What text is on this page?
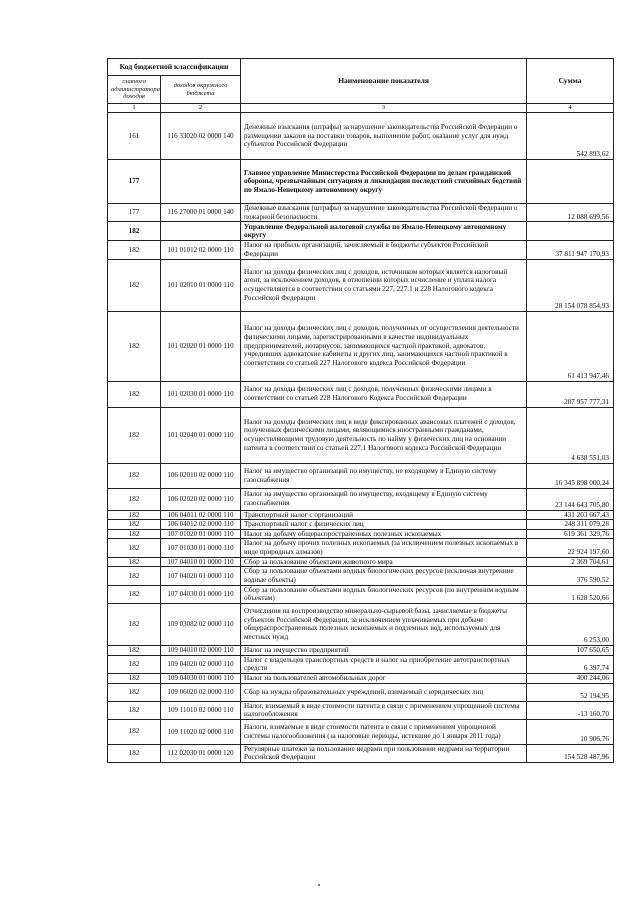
Код бюджетной классификации		Наименование показателя	Сумма
главного администратора доходов	доходов окружного бюджета		
1	2	3	4
161	116 33020 02 0000 140	Денежные взыскания (штрафы) за нарушение законодательства Российской Федерации о размещении заказов на поставки товаров, выполнение работ, оказание услуг для нужд субъектов Российской Федерации	542 893,62
177		Главное управление Министерства Российской Федерации по делам гражданской обороны, чрезвычайным ситуациям и ликвидации последствий стихийных бедствий по Ямало-Ненецкому автономному округу	
177	116 27000 01 0000 140	Денежные взыскания (штрафы) за нарушение законодательства Российской Федерации о пожарной безопасности	12 088 699,56
182		Управление Федеральной налоговой службы по Ямало-Ненецкому автономному округу	
182	101 01012 02 0000 110	Налог на прибыль организаций, зачисляемый в бюджеты субъектов Российской Федерации	37 811 947 170,93
182	101 02010 01 0000 110	Налог на доходы физических лиц с доходов, источником которых является налоговый агент, за исключением доходов, в отношении которых исчисление и уплата налога осуществляются в соответствии со статьями 227, 227.1 и 228 Налогового кодекса Российской Федерации	28 154 078 854,93
182	101 02020 01 0000 110	Налог на доходы физических лиц с доходов, полученных от осуществления деятельности физическими лицами, зарегистрированными в качестве индивидуальных предпринимателей, нотариусов, занимающихся частной практикой, адвокатов, учредивших адвокатские кабинеты и других лиц, занимающихся частной практикой в соответствии со статьей 227 Налогового кодекса Российской Федерации	61 413 947,46
182	101 02030 01 0000 110	Налог на доходы физических лиц с доходов, полученных физическими лицами в соответствии со статьей 228 Налогового Кодекса Российской Федерации	287 957 777,31
182	101 02040 01 0000 110	Налог на доходы физических лиц в виде фиксированных авансовых платежей с доходов, полученных физическими лицами, являющимися иностранными гражданами, осуществляющими трудовую деятельность по найму у физических лиц на основании патента в соответствии со статьей 227.1 Налогового кодекса Российской Федерации	4 638 551,03
182	106 02010 02 0000 110	Налог на имущество организаций по имуществу, не входящему в Единую систему газоснабжения	16 345 898 000,24
182	106 02020 02 0000 110	Налог на имущество организаций по имуществу, входящему в Единую систему газоснабжения	23 144 643 705,80
182	106 04011 02 0000 110	Транспортный налог с организаций	431 203 667,43
182	106 04012 02 0000 110	Транспортный налог с физических лиц	248 311 079,28
182	107 01020 01 0000 110	Налог на добычу общераспространенных полезных ископаемых	619 361 329,76
182	107 01030 01 0000 110	Налог на добычу прочих полезных ископаемых (за исключением полезных ископаемых в виде природных алмазов)	22 924 197,60
182	107 04010 01 0000 110	Сбор за пользование объектами животного мира	2 369 704,61
182	107 04020 01 0000 110	Сбор за пользование объектами водных биологических ресурсов (исключая внутренние водные объекты)	376 590,52
182	107 04030 01 0000 110	Сбор за пользование объектами водных биологических ресурсов (по внутренним водным объектам)	1 628 520,66
182	109 03082 02 0000 110	Отчисления на воспроизводство минерально-сырьевой базы, зачисляемые в бюджеты субъектов Российской Федерации, за исключением уплачиваемых при добыче общераспространенных полезных ископаемых и подземных вод, используемых для местных нужд	6 253,00
182	109 04010 02 0000 110	Налог на имущество предприятий	107 650,65
182	109 04020 02 0000 110	Налог с владельцев транспортных средств и налог на приобретение автотранспортных средств	6 397,74
182	109 04030 01 0000 110	Налог на пользователей автомобильных дорог	400 244,06
182	109 06020 02 0000 110	Сбор на нужды образовательных учреждений, взимаемый с юридических лиц	52 194,95
182	109 11010 02 0000 110	Налог, взимаемый в виде стоимости патента в связи с применением упрощенной системы налогообложения	-13 160,70
182	109 11020 02 0000 110	Налоги, взимаемые в виде стоимости патента в связи с применением упрощенной системы налогообложения (за налоговые периоды, истекшие до 1 января 2011 года)	10 906,76
182	112 02030 01 0000 120	Регулярные платежи за пользование недрами при пользовании недрами на территории Российской Федерации	154 528 487,96
